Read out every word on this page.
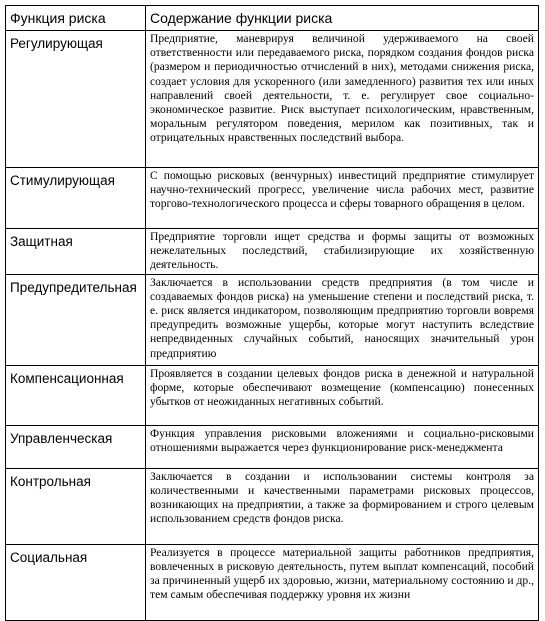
Функция риска	Содержание функции риска
Регулирующая	Предприятие, маневрируя величиной удерживаемого на своей ответственности или передаваемого риска, порядком создания фондов риска (размером и периодичностью отчислений в них), методами снижения риска, создает условия для ускоренного (или замедленного) развития тех или иных направлений своей деятельности, т. е. регулирует свое социально-экономическое развитие. Риск выступает психологическим, нравственным, моральным регулятором поведения, мерилом как позитивных, так и отрицательных нравственных последствий выбора.
Стимулирующая	С помощью рисковых (венчурных) инвестиций предприятие стимулирует научно-технический прогресс, увеличение числа рабочих мест, развитие торгово-технологического процесса и сферы товарного обращения в целом.
Защитная	Предприятие торговли ищет средства и формы защиты от возможных нежелательных последствий, стабилизирующие их хозяйственную деятельность.
Предупредительная	Заключается в использовании средств предприятия (в том числе и создаваемых фондов риска) на уменьшение степени и последствий риска, т. е. риск является индикатором, позволяющим предприятию торговли вовремя предупредить возможные ущербы, которые могут наступить вследствие непредвиденных случайных событий, наносящих значительный урон предприятию
Компенсационная	Проявляется в создании целевых фондов риска в денежной и натуральной форме, которые обеспечивают возмещение (компенсацию) понесенных убытков от неожиданных негативных событий.
Управленческая	Функция управления рисковыми вложениями и социально-рисковыми отношениями выражается через функционирование риск-менеджмента
Контрольная	Заключается в создании и использовании системы контроля за количественными и качественными параметрами рисковых процессов, возникающих на предприятии, а также за формированием и строго целевым использованием средств фондов риска.
Социальная	Реализуется в процессе материальной защиты работников предприятия, вовлеченных в рисковую деятельность, путем выплат компенсаций, пособий за причиненный ущерб их здоровью, жизни, материальному состоянию и др., тем самым обеспечивая поддержку уровня их жизни
